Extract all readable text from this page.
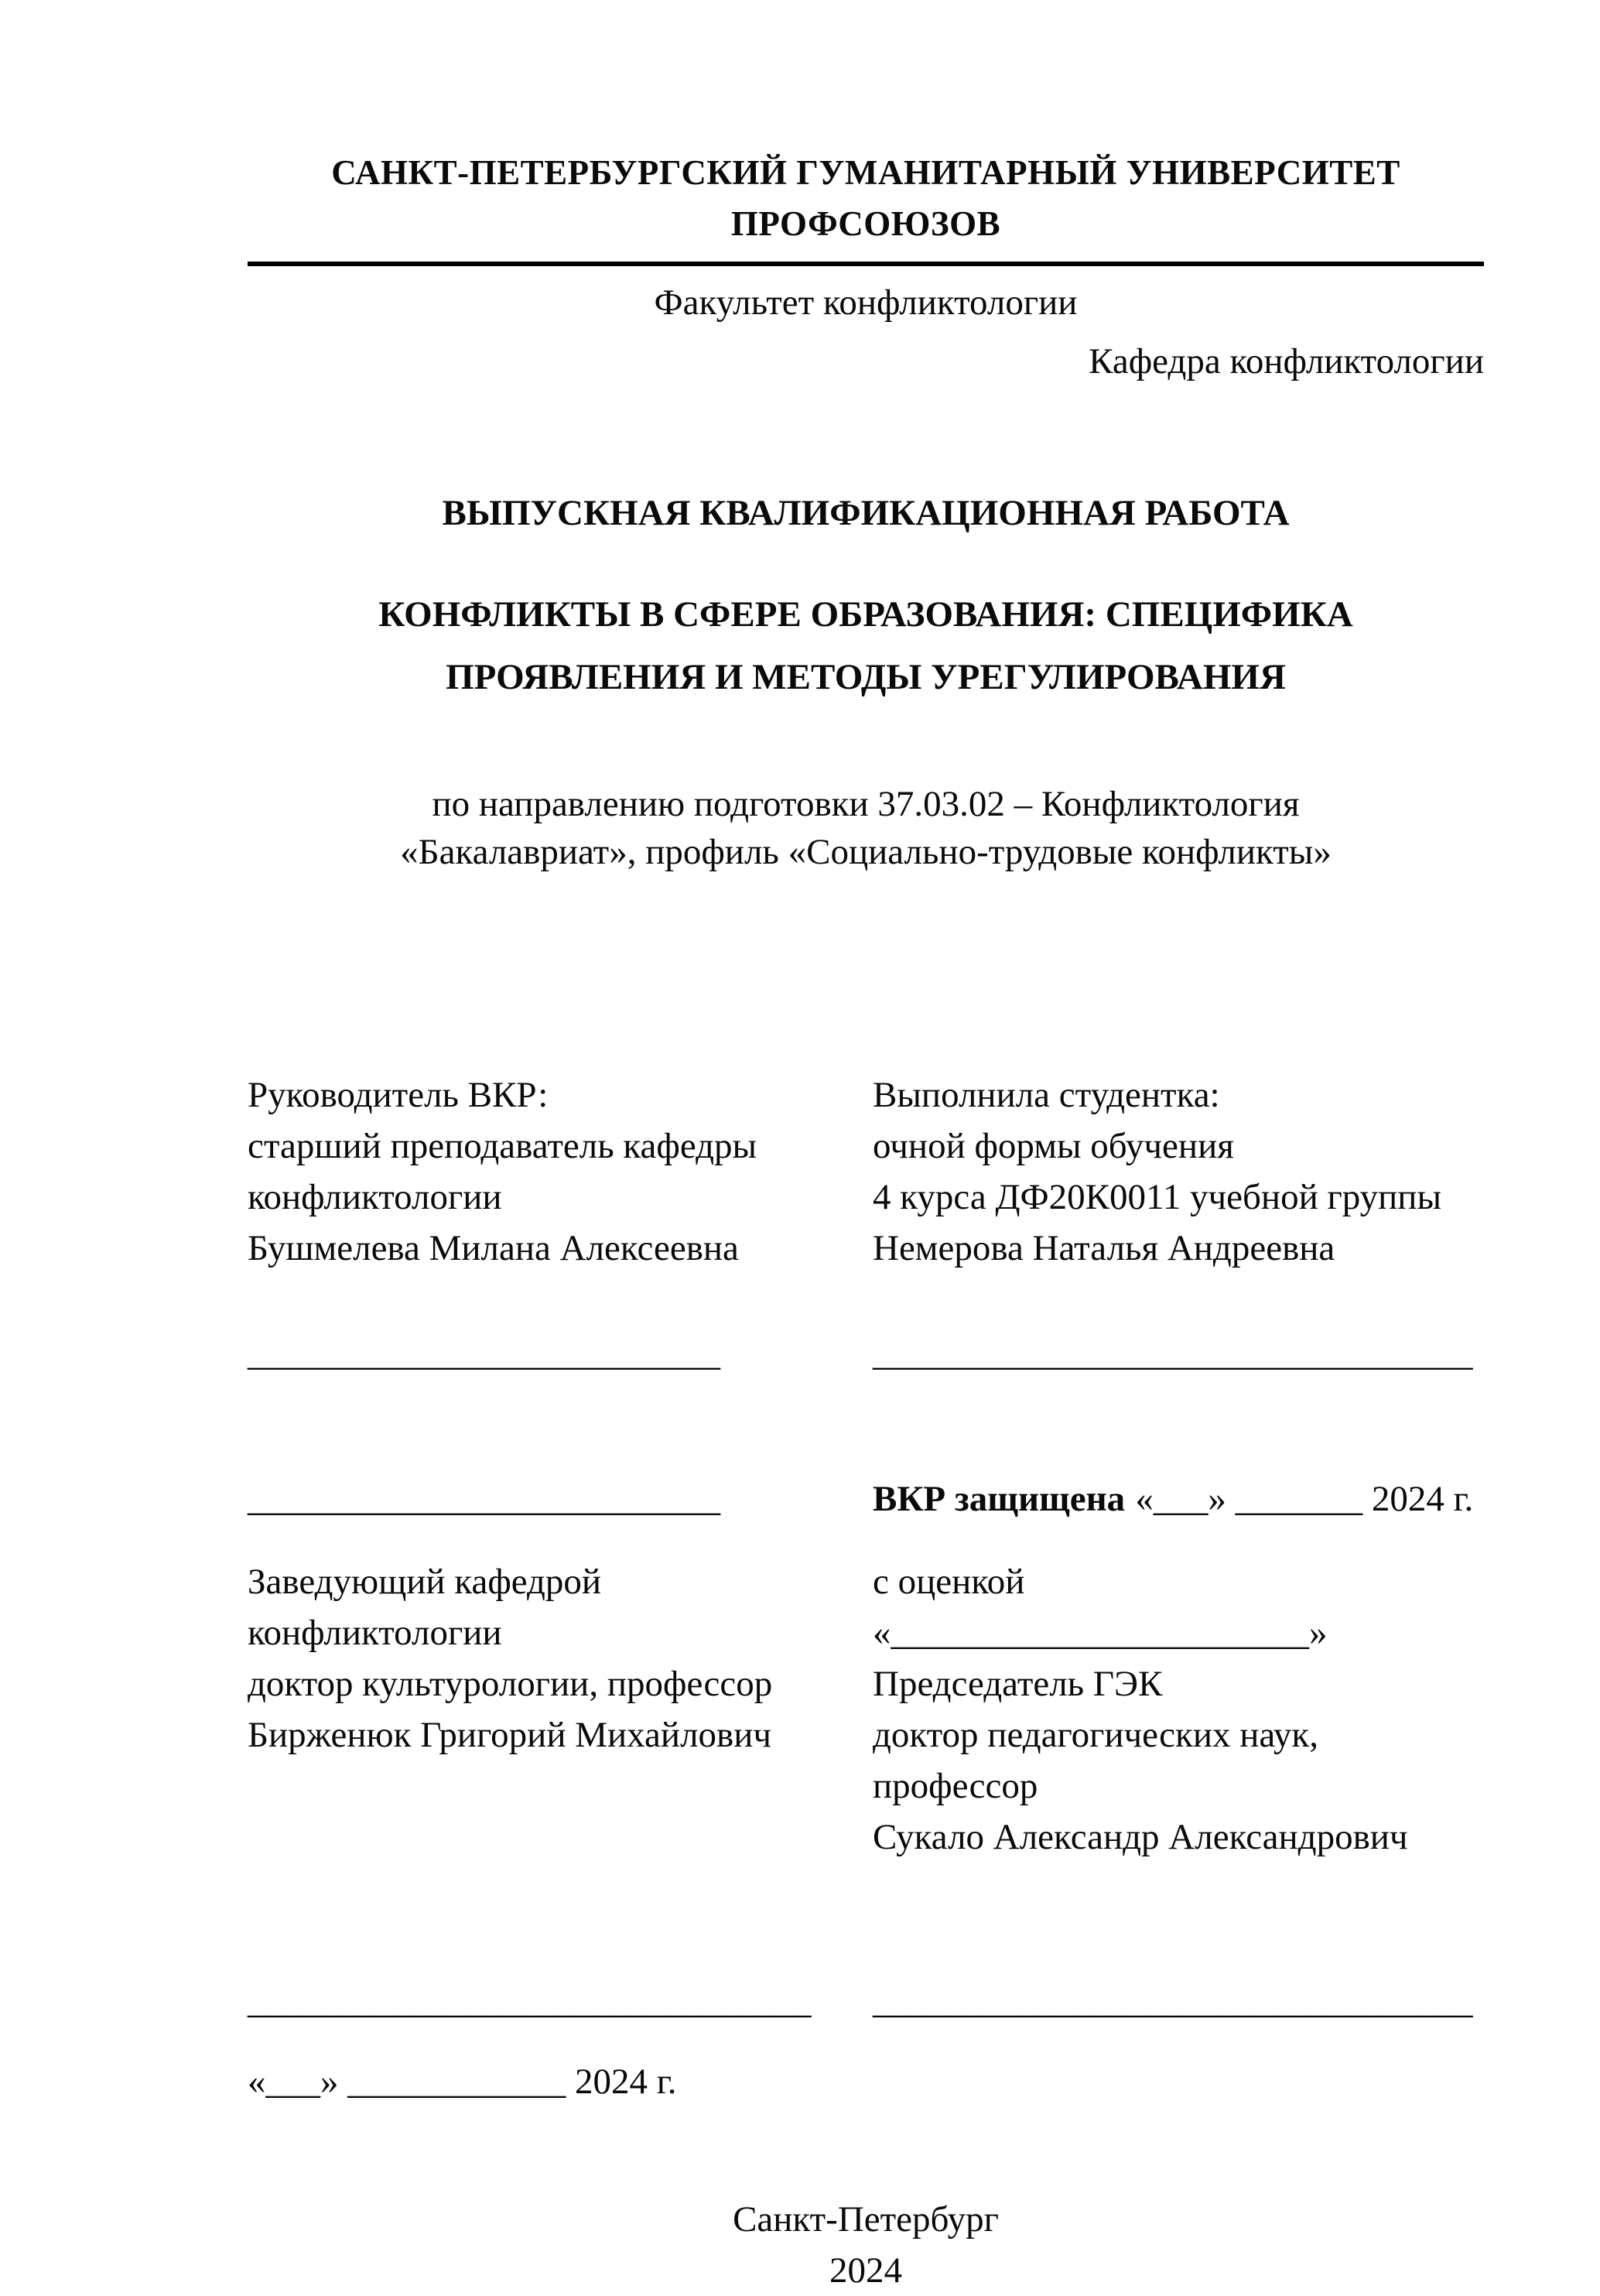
САНКТ-ПЕТЕРБУРГСКИЙ ГУМАНИТАРНЫЙ УНИВЕРСИТЕТ ПРОФСОЮЗОВ
Факультет конфликтологии
Кафедра конфликтологии
ВЫПУСКНАЯ КВАЛИФИКАЦИОННАЯ РАБОТА
КОНФЛИКТЫ В СФЕРЕ ОБРАЗОВАНИЯ: СПЕЦИФИКА
ПРОЯВЛЕНИЯ И МЕТОДЫ УРЕГУЛИРОВАНИЯ
по направлению подготовки 37.03.02 – Конфликтология
«Бакалавриат», профиль «Социально-трудовые конфликты»
Руководитель ВКР:
старший преподаватель кафедры
конфликтологии
Бушмелева Милана Алексеевна
Выполнила студентка:
очной формы обучения
4 курса ДФ20К0011 учебной группы
Немерова Наталья Андреевна
__________________________	_________________________________
__________________________	ВКР защищена «___» _______ 2024 г.
Заведующий кафедрой
конфликтологии
доктор культурологии, профессор
Бирженюк Григорий Михайлович
с оценкой «_______________________»
Председатель ГЭК
доктор педагогических наук, профессор
Сукало Александр Александрович
_______________________________	_________________________________
«___» ____________ 2024 г.
Санкт-Петербург
2024
